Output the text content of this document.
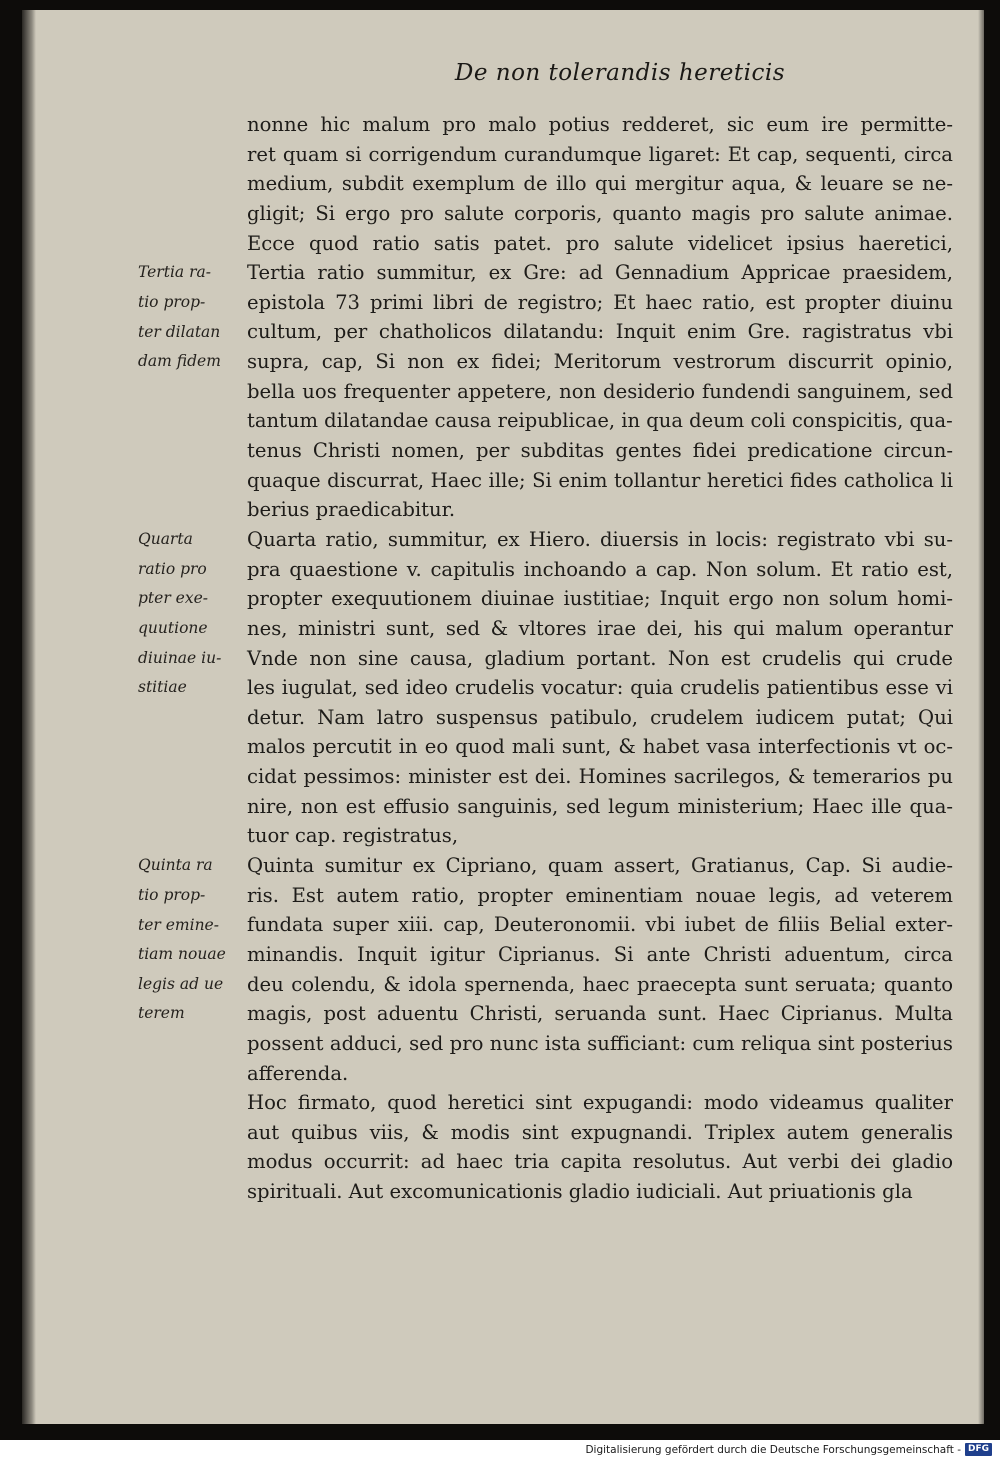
De non tolerandis hereticis
nonne hic malum pro malo potius redderet, sic eum ire permitte-
ret quam si corrigendum curandumque ligaret: Et cap, sequenti, circa
medium, subdit exemplum de illo qui mergitur aqua, & leuare se ne-
gligit; Si ergo pro salute corporis, quanto magis pro salute animae.
Ecce quod ratio satis patet. pro salute videlicet ipsius haeretici,
Tertia ratio summitur, ex Gre: ad Gennadium Appricae praesidem,
epistola 73 primi libri de registro; Et haec ratio, est propter diuinu
cultum, per chatholicos dilatandu: Inquit enim Gre. ragistratus vbi
supra, cap, Si non ex fidei; Meritorum vestrorum discurrit opinio,
bella uos frequenter appetere, non desiderio fundendi sanguinem, sed
tantum dilatandae causa reipublicae, in qua deum coli conspicitis, qua-
tenus Christi nomen, per subditas gentes fidei predicatione circun-
quaque discurrat, Haec ille; Si enim tollantur heretici fides catholica li
berius praedicabitur.
Quarta ratio, summitur, ex Hiero. diuersis in locis: registrato vbi su-
pra quaestione v. capitulis inchoando a cap. Non solum. Et ratio est,
propter exequutionem diuinae iustitiae; Inquit ergo non solum homi-
nes, ministri sunt, sed & vltores irae dei, his qui malum operantur
Vnde non sine causa, gladium portant. Non est crudelis qui crude
les iugulat, sed ideo crudelis vocatur: quia crudelis patientibus esse vi
detur. Nam latro suspensus patibulo, crudelem iudicem putat; Qui
malos percutit in eo quod mali sunt, & habet vasa interfectionis vt oc-
cidat pessimos: minister est dei. Homines sacrilegos, & temerarios pu
nire, non est effusio sanguinis, sed legum ministerium; Haec ille qua-
tuor cap. registratus,
Quinta sumitur ex Cipriano, quam assert, Gratianus, Cap. Si audie-
ris. Est autem ratio, propter eminentiam nouae legis, ad veterem
fundata super xiii. cap, Deuteronomii. vbi iubet de filiis Belial exter-
minandis. Inquit igitur Ciprianus. Si ante Christi aduentum, circa
deu colendu, & idola spernenda, haec praecepta sunt seruata; quanto
magis, post aduentu Christi, seruanda sunt. Haec Ciprianus. Multa
possent adduci, sed pro nunc ista sufficiant: cum reliqua sint posterius
afferenda.
Hoc firmato, quod heretici sint expugandi: modo videamus qualiter
aut quibus viis, & modis sint expugnandi. Triplex autem generalis
modus occurrit: ad haec tria capita resolutus. Aut verbi dei gladio
spirituali. Aut excomunicationis gladio iudiciali. Aut priuationis gla
Tertia ra-
tio prop-
ter dilatan
dam fidem
Quarta
ratio pro
pter exe-
quutione
diuinae iu-
stitiae
Quinta ra
tio prop-
ter emine-
tiam nouae
legis ad ue
terem
Digitalisierung gefördert durch die Deutsche Forschungsgemeinschaft - DFG
